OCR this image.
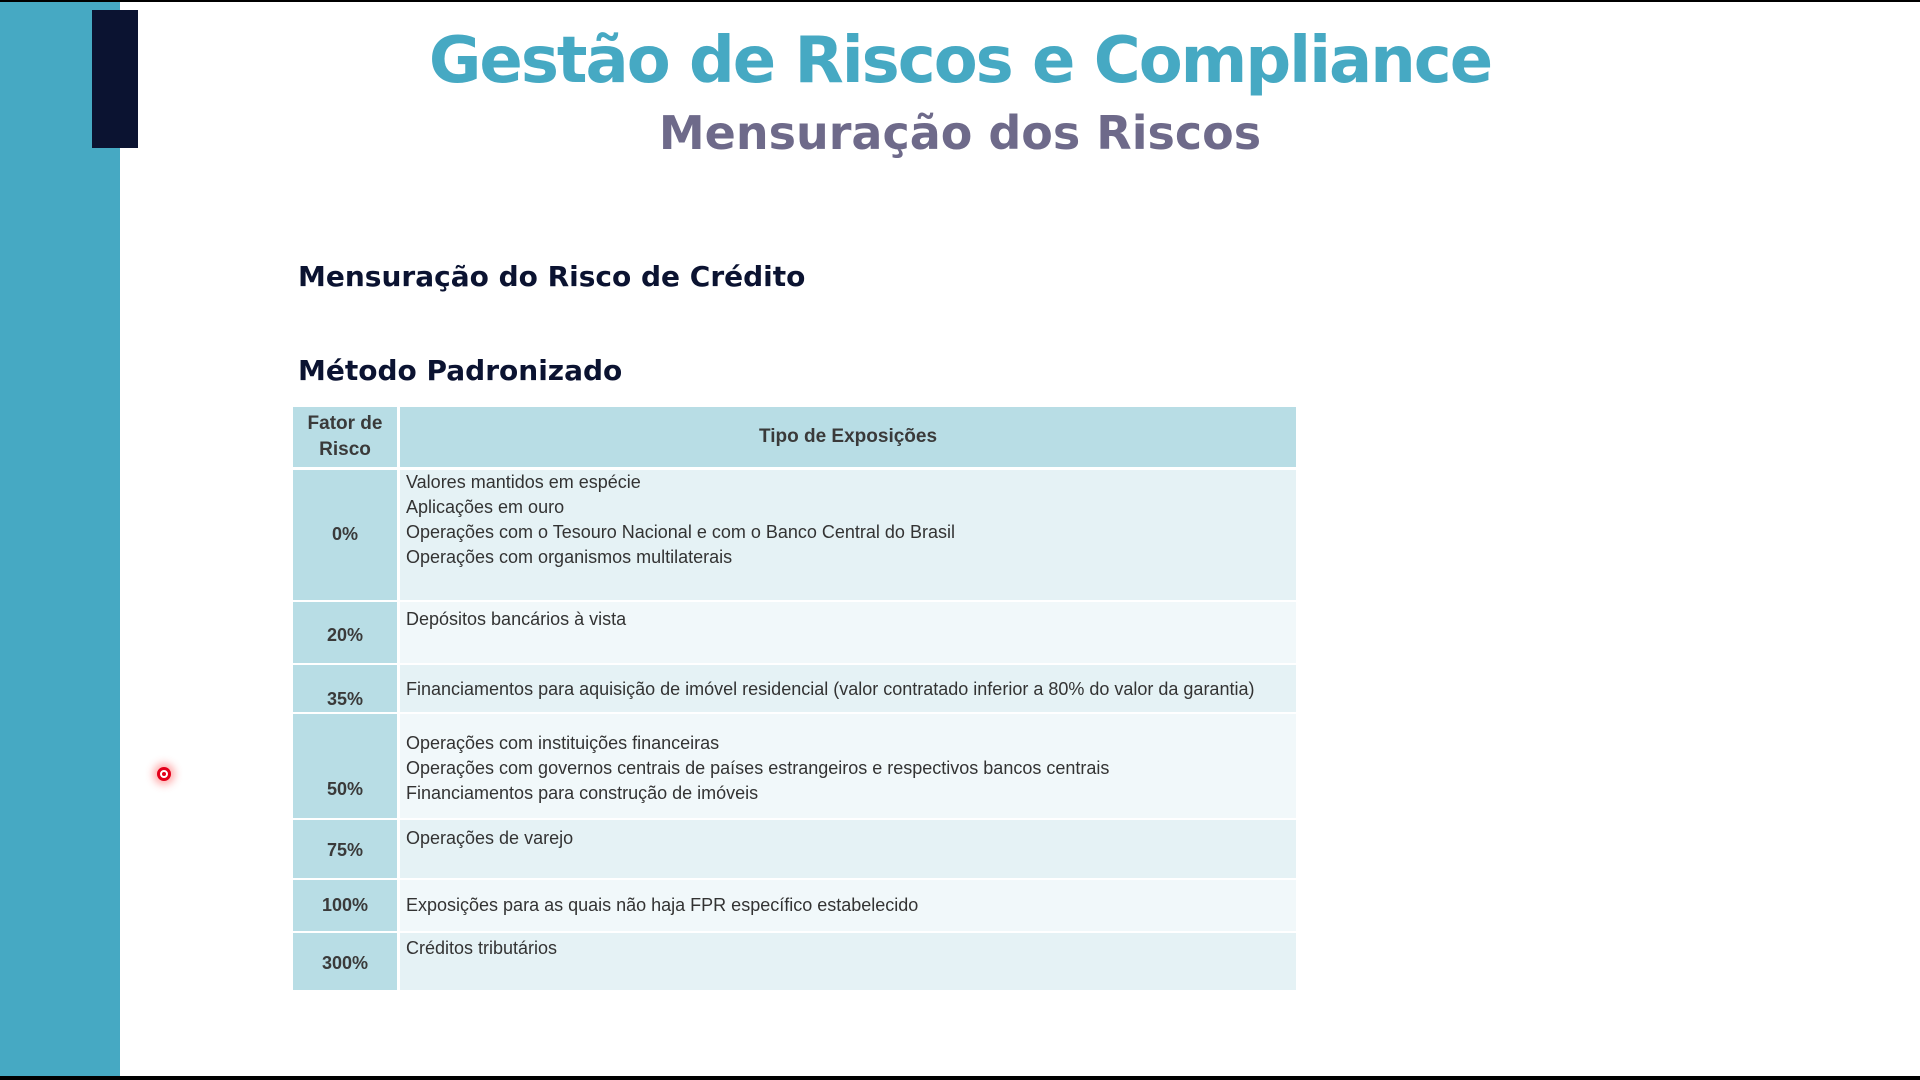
Gestão de Riscos e Compliance
Mensuração dos Riscos
Mensuração do Risco de Crédito
Método Padronizado
Fator de Risco	Tipo de Exposições

0%	Valores mantidos em espécie
Aplicações em ouro
Operações com o Tesouro Nacional e com o Banco Central do Brasil
Operações com organismos multilaterais

20%	Depósitos bancários à vista

35%	Financiamentos para aquisição de imóvel residencial (valor contratado inferior a 80% do valor da garantia)

50%	Operações com instituições financeiras
Operações com governos centrais de países estrangeiros e respectivos bancos centrais
Financiamentos para construção de imóveis

75%	Operações de varejo

100%	Exposições para as quais não haja FPR específico estabelecido

300%	Créditos tributários
